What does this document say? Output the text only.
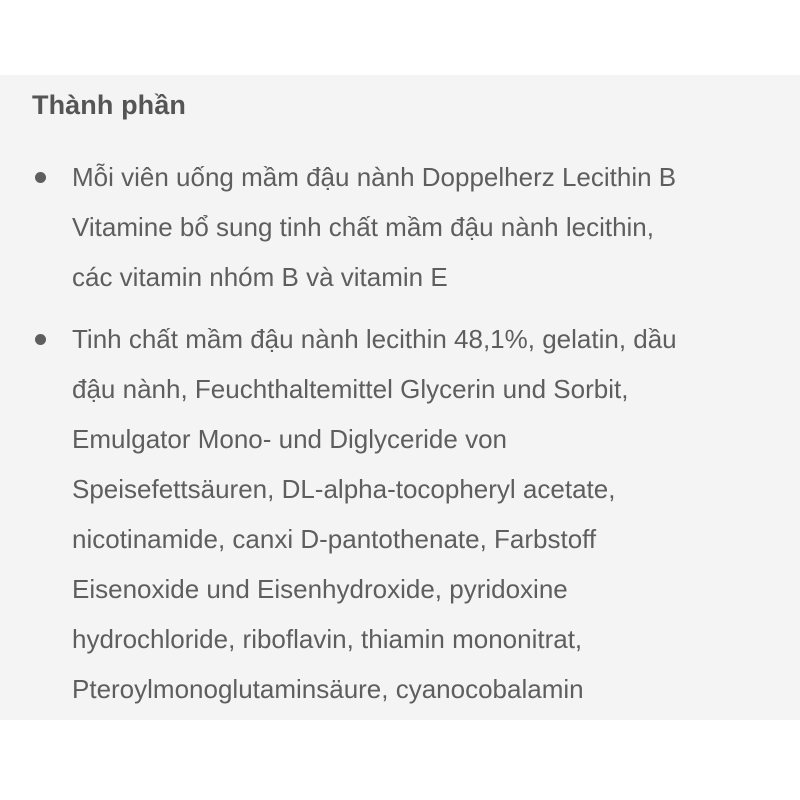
Thành phần
Mỗi viên uống mầm đậu nành Doppelherz Lecithin B
Vitamine bổ sung tinh chất mầm đậu nành lecithin,
các vitamin nhóm B và vitamin E
Tinh chất mầm đậu nành lecithin 48,1%, gelatin, dầu
đậu nành, Feuchthaltemittel Glycerin und Sorbit,
Emulgator Mono- und Diglyceride von
Speisefettsäuren, DL-alpha-tocopheryl acetate,
nicotinamide, canxi D-pantothenate, Farbstoff
Eisenoxide und Eisenhydroxide, pyridoxine
hydrochloride, riboflavin, thiamin mononitrat,
Pteroylmonoglutaminsäure, cyanocobalamin
